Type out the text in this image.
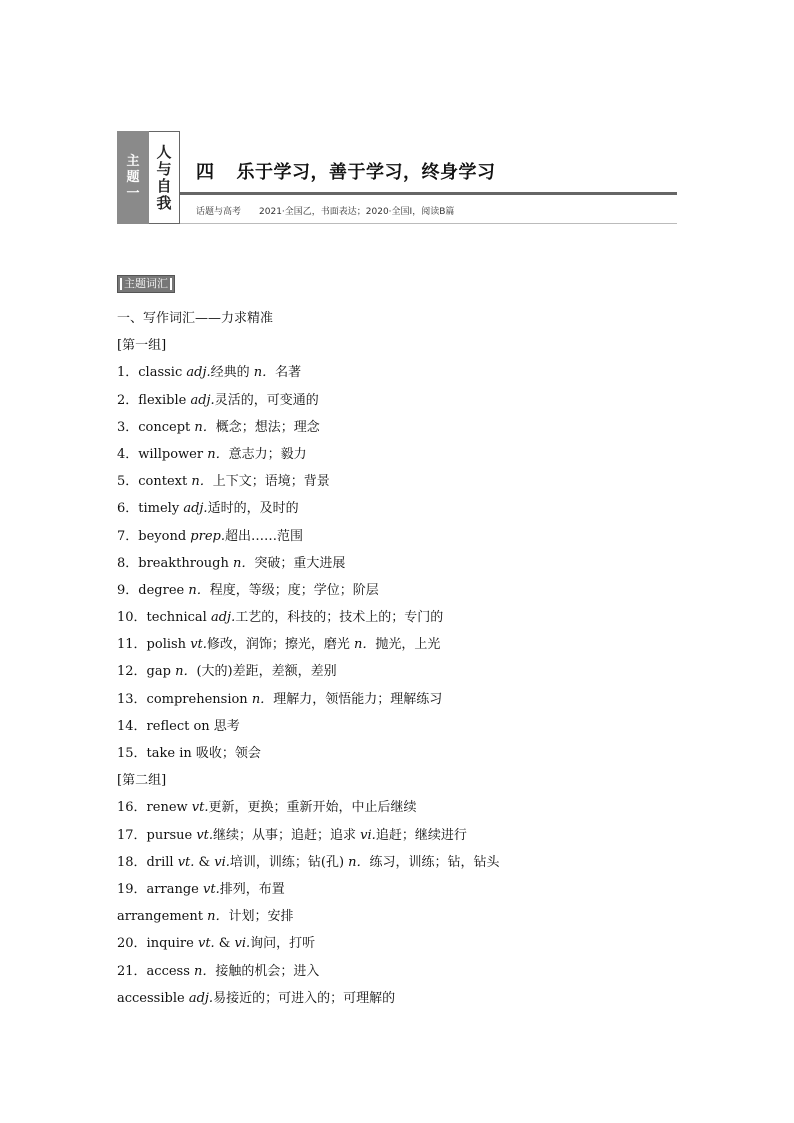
主
题
一
人
与
自
我
四 乐于学习，善于学习，终身学习
话题与高考 2021·全国乙，书面表达；2020·全国Ⅰ，阅读B篇
主题词汇
一、写作词汇——力求精准
[第一组]
1．classic adj.经典的 n．名著
2．flexible adj.灵活的，可变通的
3．concept n．概念；想法；理念
4．willpower n．意志力；毅力
5．context n．上下文；语境；背景
6．timely adj.适时的，及时的
7．beyond prep.超出……范围
8．breakthrough n．突破；重大进展
9．degree n．程度，等级；度；学位；阶层
10．technical adj.工艺的，科技的；技术上的；专门的
11．polish vt.修改，润饰；擦光，磨光 n．抛光，上光
12．gap n．(大的)差距，差额，差别
13．comprehension n．理解力，领悟能力；理解练习
14．reflect on 思考
15．take in 吸收；领会
[第二组]
16．renew vt.更新，更换；重新开始，中止后继续
17．pursue vt.继续；从事；追赶；追求 vi.追赶；继续进行
18．drill vt. & vi.培训，训练；钻(孔) n．练习，训练；钻，钻头
19．arrange vt.排列，布置
arrangement n．计划；安排
20．inquire vt. & vi.询问，打听
21．access n．接触的机会；进入
accessible adj.易接近的；可进入的；可理解的
